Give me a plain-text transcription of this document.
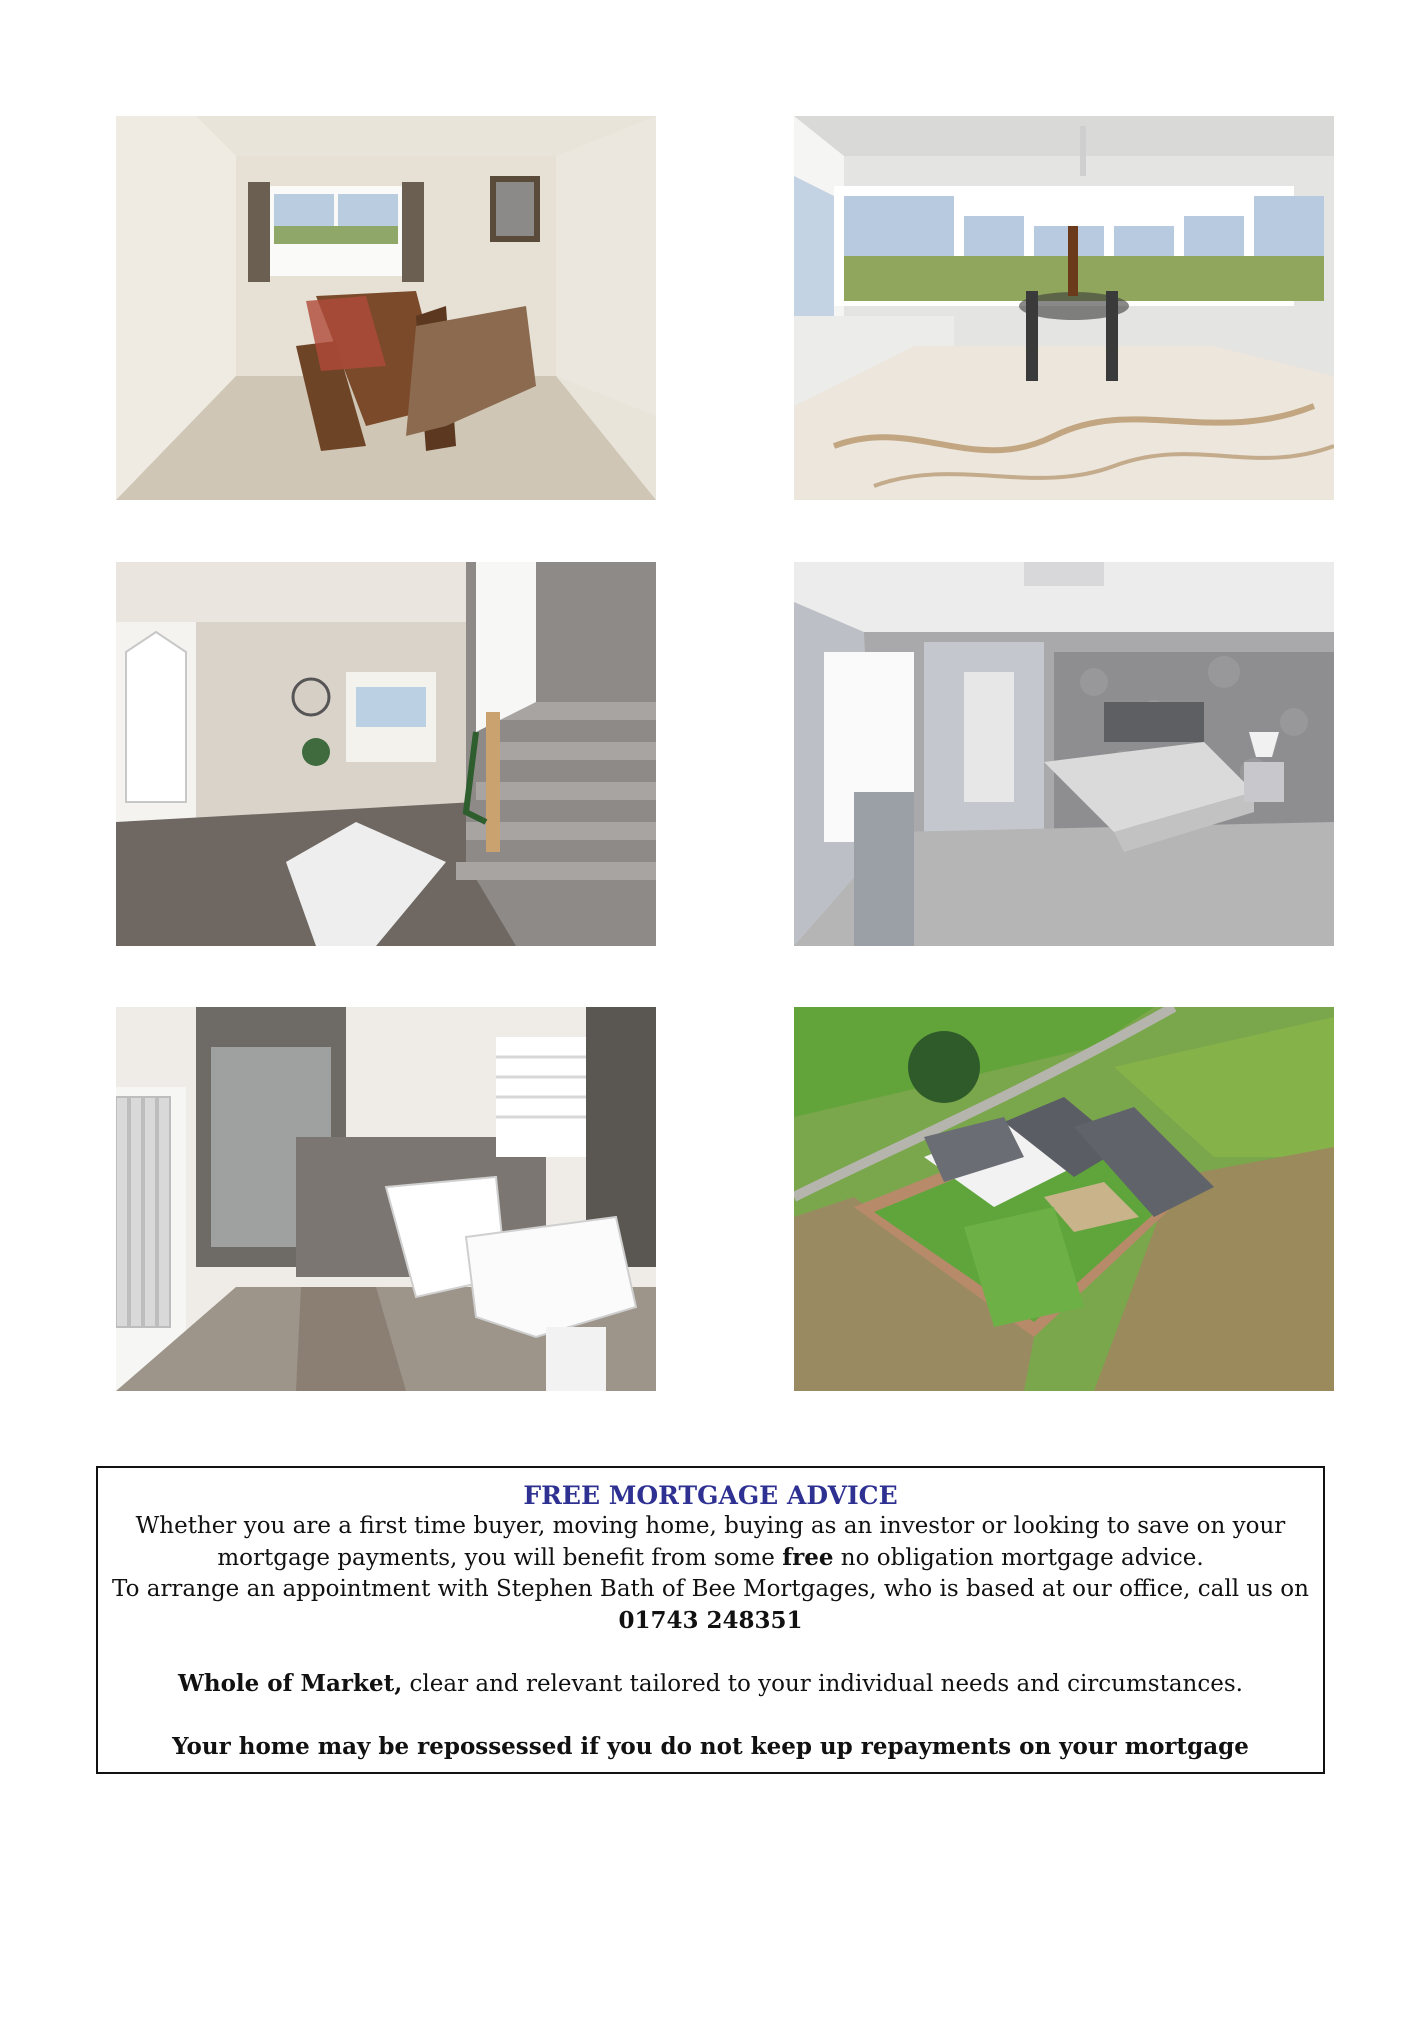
FREE MORTGAGE ADVICE

Whether you are a first time buyer, moving home, buying as an investor or looking to save on your

mortgage payments, you will benefit from some free no obligation mortgage advice.

To arrange an appointment with Stephen Bath of Bee Mortgages, who is based at our office, call us on

01743 248351

Whole of Market, clear and relevant tailored to your individual needs and circumstances.

Your home may be repossessed if you do not keep up repayments on your mortgage
